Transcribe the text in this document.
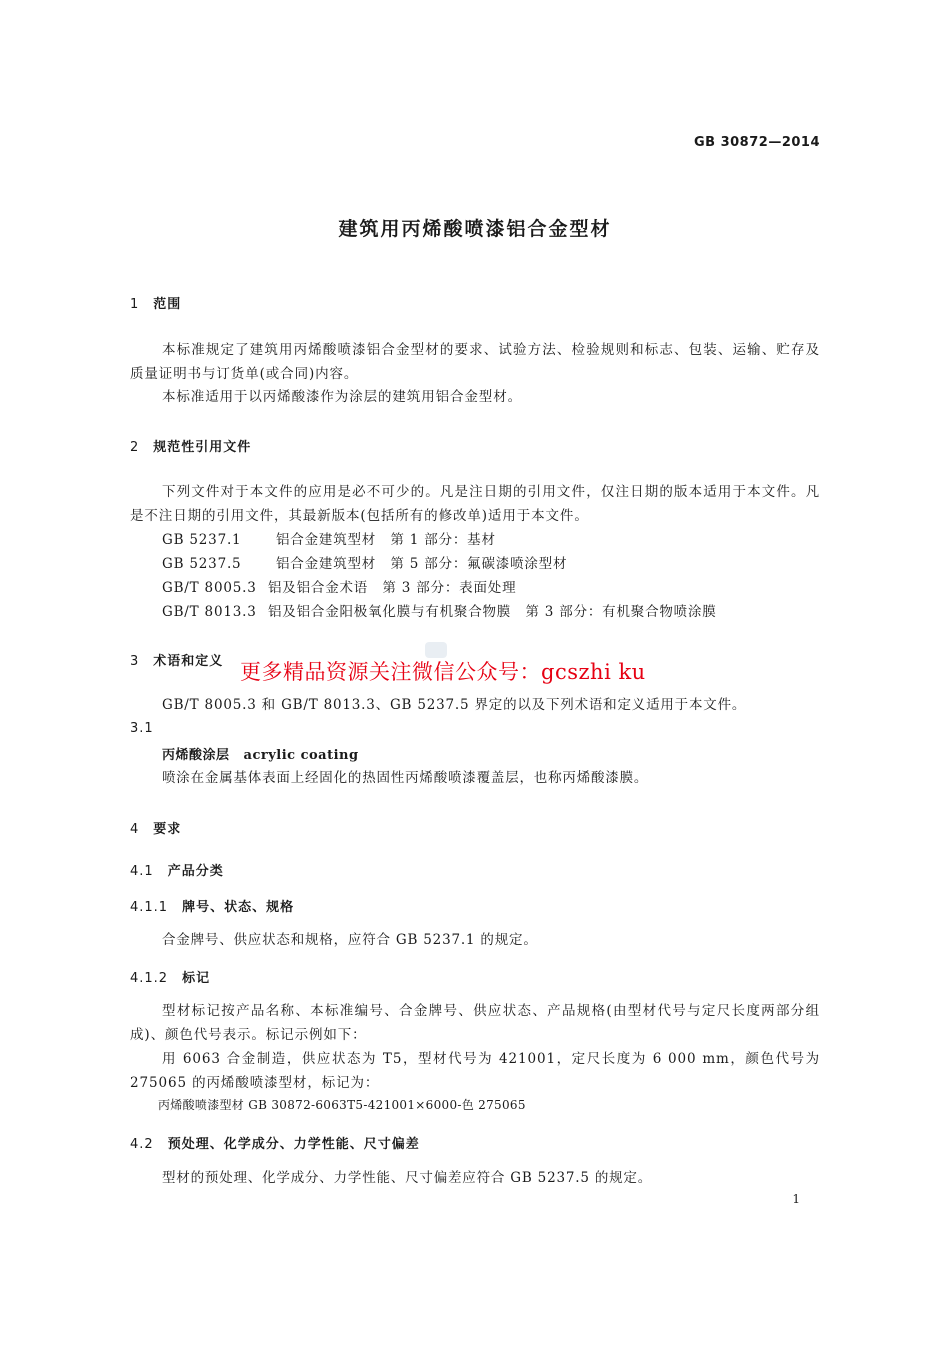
GB 30872—2014
建筑用丙烯酸喷漆铝合金型材
1 范围
本标准规定了建筑用丙烯酸喷漆铝合金型材的要求、试验方法、检验规则和标志、包装、运输、贮存及质量证明书与订货单(或合同)内容。
本标准适用于以丙烯酸漆作为涂层的建筑用铝合金型材。
2 规范性引用文件
下列文件对于本文件的应用是必不可少的。凡是注日期的引用文件，仅注日期的版本适用于本文件。凡是不注日期的引用文件，其最新版本(包括所有的修改单)适用于本文件。
GB 5237.1	铝合金建筑型材　第 1 部分：基材
GB 5237.5	铝合金建筑型材　第 5 部分：氟碳漆喷涂型材
GB/T 8005.3 铝及铝合金术语　第 3 部分：表面处理
GB/T 8013.3 铝及铝合金阳极氧化膜与有机聚合物膜　第 3 部分：有机聚合物喷涂膜
3 术语和定义 更多精品资源关注微信公众号：gcszhi ku
GB/T 8005.3 和 GB/T 8013.3、GB 5237.5 界定的以及下列术语和定义适用于本文件。
3.1
丙烯酸涂层 acrylic coating
喷涂在金属基体表面上经固化的热固性丙烯酸喷漆覆盖层，也称丙烯酸漆膜。
4 要求
4.1 产品分类
4.1.1 牌号、状态、规格
合金牌号、供应状态和规格，应符合 GB 5237.1 的规定。
4.1.2 标记
型材标记按产品名称、本标准编号、合金牌号、供应状态、产品规格(由型材代号与定尺长度两部分组成)、颜色代号表示。标记示例如下：
用 6063 合金制造，供应状态为 T5，型材代号为 421001，定尺长度为 6 000 mm，颜色代号为 275065 的丙烯酸喷漆型材，标记为：
丙烯酸喷漆型材 GB 30872-6063T5-421001×6000-色 275065
4.2 预处理、化学成分、力学性能、尺寸偏差
型材的预处理、化学成分、力学性能、尺寸偏差应符合 GB 5237.5 的规定。
1
